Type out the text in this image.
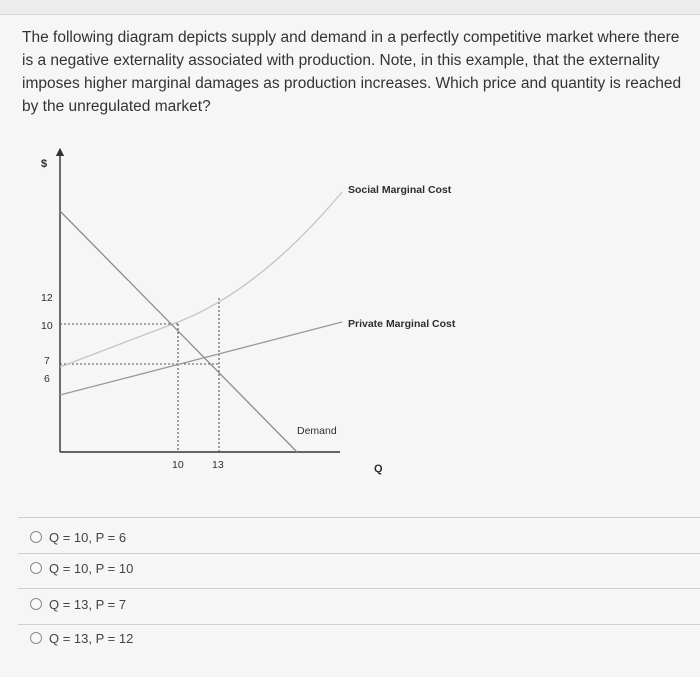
The following diagram depicts supply and demand in a perfectly competitive market where there is a negative externality associated with production. Note, in this example, that the externality imposes higher marginal damages as production increases. Which price and quantity is reached by the unregulated market?
$
Q
12
10
7
6
10	13
Social Marginal Cost
Private Marginal Cost
Demand
Q = 10, P = 6
Q = 10, P = 10
Q = 13, P = 7
Q = 13, P = 12
